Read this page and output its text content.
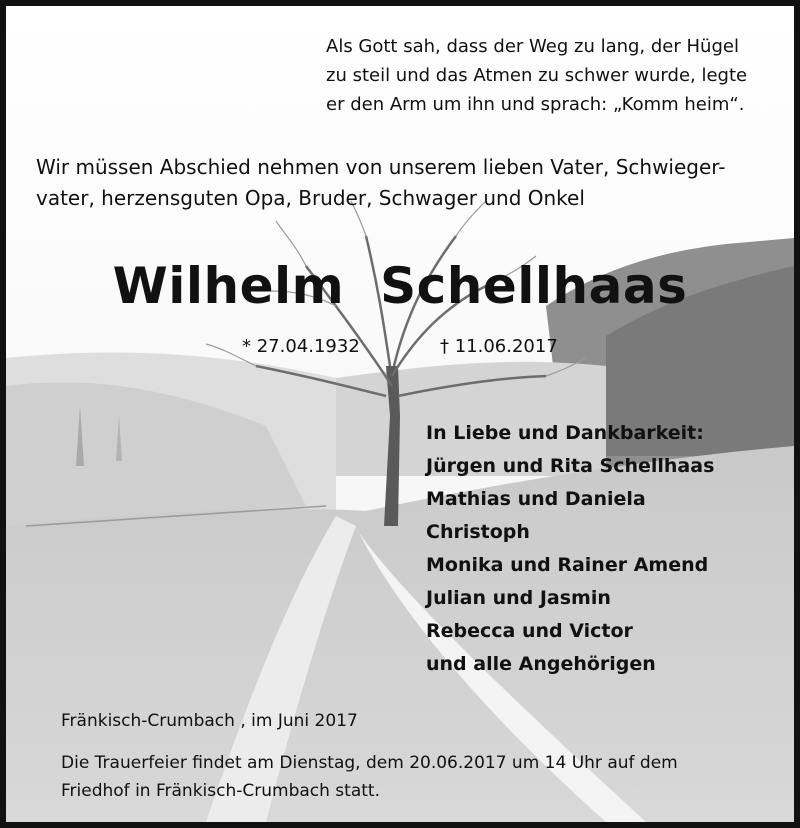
Als Gott sah, dass der Weg zu lang, der Hügel
zu steil und das Atmen zu schwer wurde, legte
er den Arm um ihn und sprach: „Komm heim“.
Wir müssen Abschied nehmen von unserem lieben Vater, Schwieger-
vater, herzensguten Opa, Bruder, Schwager und Onkel
Wilhelm  Schellhaas
* 27.04.1932	† 11.06.2017
In Liebe und Dankbarkeit:
Jürgen und Rita Schellhaas
Mathias und Daniela
Christoph
Monika und Rainer Amend
Julian und Jasmin
Rebecca und Victor
und alle Angehörigen
Fränkisch-Crumbach , im Juni 2017
Die Trauerfeier findet am Dienstag, dem 20.06.2017 um 14 Uhr auf dem
Friedhof in Fränkisch-Crumbach statt.
